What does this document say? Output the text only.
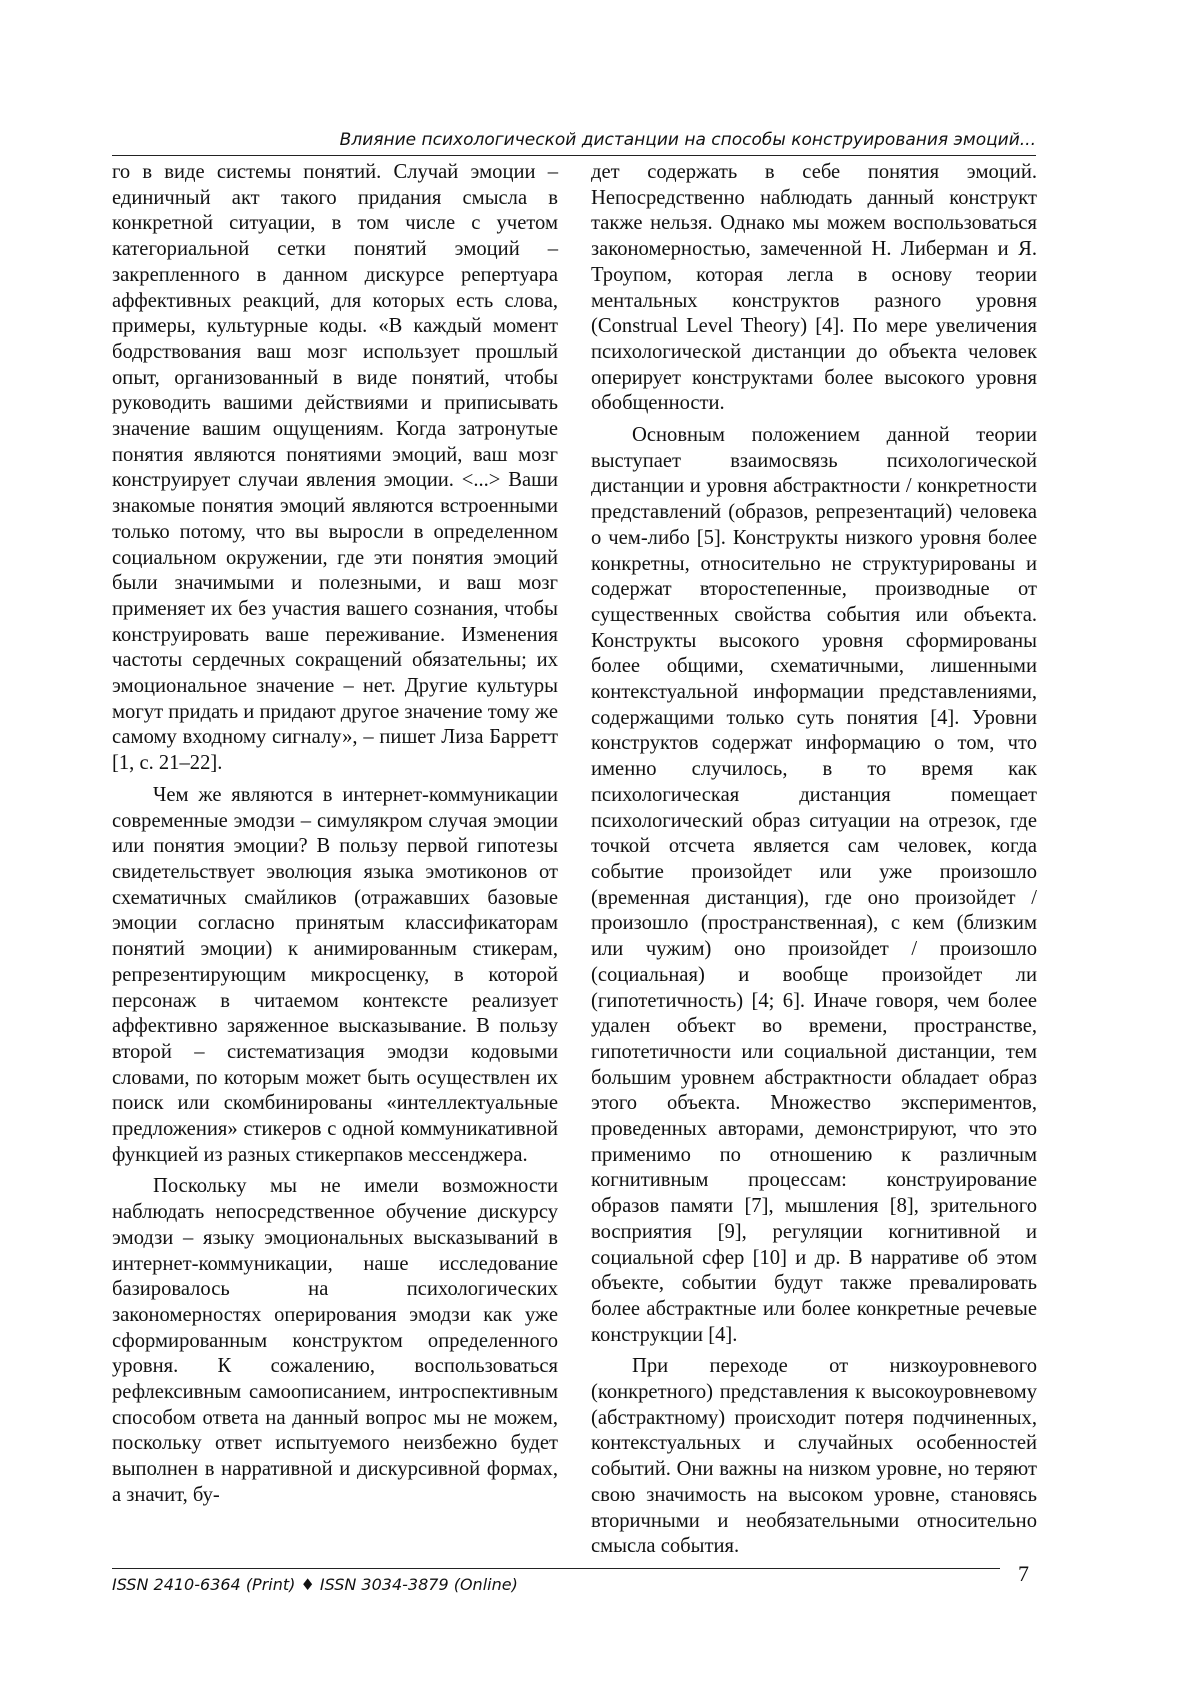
Влияние психологической дистанции на способы конструирования эмоций...

го в виде системы понятий. Случай эмоции – единичный акт такого придания смысла в конкретной ситуации, в том числе с учетом категориальной сетки понятий эмоций – закрепленного в данном дискурсе репертуара аффективных реакций, для которых есть слова, примеры, культурные коды. «В каждый момент бодрствования ваш мозг использует прошлый опыт, организованный в виде понятий, чтобы руководить вашими действиями и приписывать значение вашим ощущениям. Когда затронутые понятия являются понятиями эмоций, ваш мозг конструирует случаи явления эмоции. <...> Ваши знакомые понятия эмоций являются встроенными только потому, что вы выросли в определенном социальном окружении, где эти понятия эмоций были значимыми и полезными, и ваш мозг применяет их без участия вашего сознания, чтобы конструировать ваше переживание. Изменения частоты сердечных сокращений обязательны; их эмоциональное значение – нет. Другие культуры могут придать и придают другое значение тому же самому входному сигналу», – пишет Лиза Барретт [1, с. 21–22].

Чем же являются в интернет-коммуникации современные эмодзи – симулякром случая эмоции или понятия эмоции? В пользу первой гипотезы свидетельствует эволюция языка эмотиконов от схематичных смайликов (отражавших базовые эмоции согласно принятым классификаторам понятий эмоции) к анимированным стикерам, репрезентирующим микросценку, в которой персонаж в читаемом контексте реализует аффективно заряженное высказывание. В пользу второй – систематизация эмодзи кодовыми словами, по которым может быть осуществлен их поиск или скомбинированы «интеллектуальные предложения» стикеров с одной коммуникативной функцией из разных стикерпаков мессенджера.

Поскольку мы не имели возможности наблюдать непосредственное обучение дискурсу эмодзи – языку эмоциональных высказываний в интернет-коммуникации, наше исследование базировалось на психологических закономерностях оперирования эмодзи как уже сформированным конструктом определенного уровня. К сожалению, воспользоваться рефлексивным самоописанием, интроспективным способом ответа на данный вопрос мы не можем, поскольку ответ испытуемого неизбежно будет выполнен в нарративной и дискурсивной формах, а значит, бу-

дет содержать в себе понятия эмоций. Непосредственно наблюдать данный конструкт также нельзя. Однако мы можем воспользоваться закономерностью, замеченной Н. Либерман и Я. Троупом, которая легла в основу теории ментальных конструктов разного уровня (Construal Level Theory) [4]. По мере увеличения психологической дистанции до объекта человек оперирует конструктами более высокого уровня обобщенности.

Основным положением данной теории выступает взаимосвязь психологической дистанции и уровня абстрактности / конкретности представлений (образов, репрезентаций) человека о чем-либо [5]. Конструкты низкого уровня более конкретны, относительно не структурированы и содержат второстепенные, производные от существенных свойства события или объекта. Конструкты высокого уровня сформированы более общими, схематичными, лишенными контекстуальной информации представлениями, содержащими только суть понятия [4]. Уровни конструктов содержат информацию о том, что именно случилось, в то время как психологическая дистанция помещает психологический образ ситуации на отрезок, где точкой отсчета является сам человек, когда событие произойдет или уже произошло (временная дистанция), где оно произойдет / произошло (пространственная), с кем (близким или чужим) оно произойдет / произошло (социальная) и вообще произойдет ли (гипотетичность) [4; 6]. Иначе говоря, чем более удален объект во времени, пространстве, гипотетичности или социальной дистанции, тем большим уровнем абстрактности обладает образ этого объекта. Множество экспериментов, проведенных авторами, демонстрируют, что это применимо по отношению к различным когнитивным процессам: конструирование образов памяти [7], мышления [8], зрительного восприятия [9], регуляции когнитивной и социальной сфер [10] и др. В нарративе об этом объекте, событии будут также превалировать более абстрактные или более конкретные речевые конструкции [4].

При переходе от низкоуровневого (конкретного) представления к высокоуровневому (абстрактному) происходит потеря подчиненных, контекстуальных и случайных особенностей событий. Они важны на низком уровне, но теряют свою значимость на высоком уровне, становясь вторичными и необязательными относительно смысла события.

ISSN 2410-6364 (Print) ♦ ISSN 3034-3879 (Online)	7
